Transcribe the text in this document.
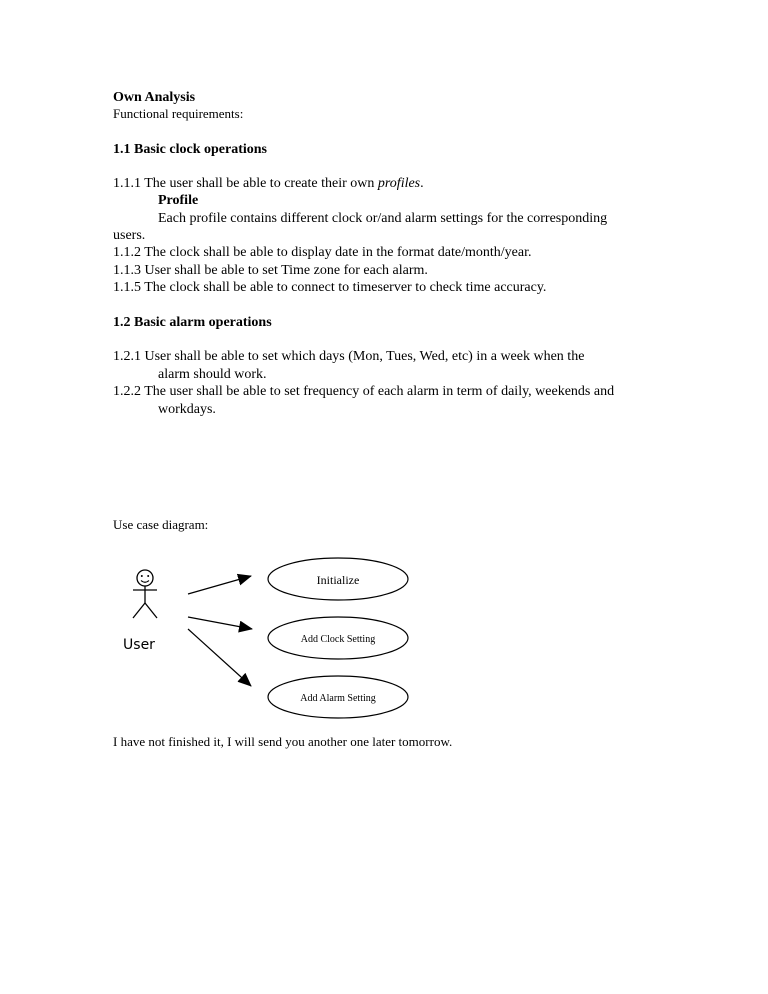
Own Analysis
Functional requirements:
1.1 Basic clock operations
1.1.1 The user shall be able to create their own profiles.
Profile
Each profile contains different clock or/and alarm settings for the corresponding
users.
1.1.2 The clock shall be able to display date in the format date/month/year.
1.1.3 User shall be able to set Time zone for each alarm.
1.1.5 The clock shall be able to connect to timeserver to check time accuracy.
1.2 Basic alarm operations
1.2.1 User shall be able to set which days (Mon, Tues, Wed, etc) in a week when the
alarm should work.
1.2.2 The user shall be able to set frequency of each alarm in term of daily, weekends and
workdays.
Use case diagram:
User
Initialize
Add Clock Setting
Add Alarm Setting
I have not finished it, I will send you another one later tomorrow.
